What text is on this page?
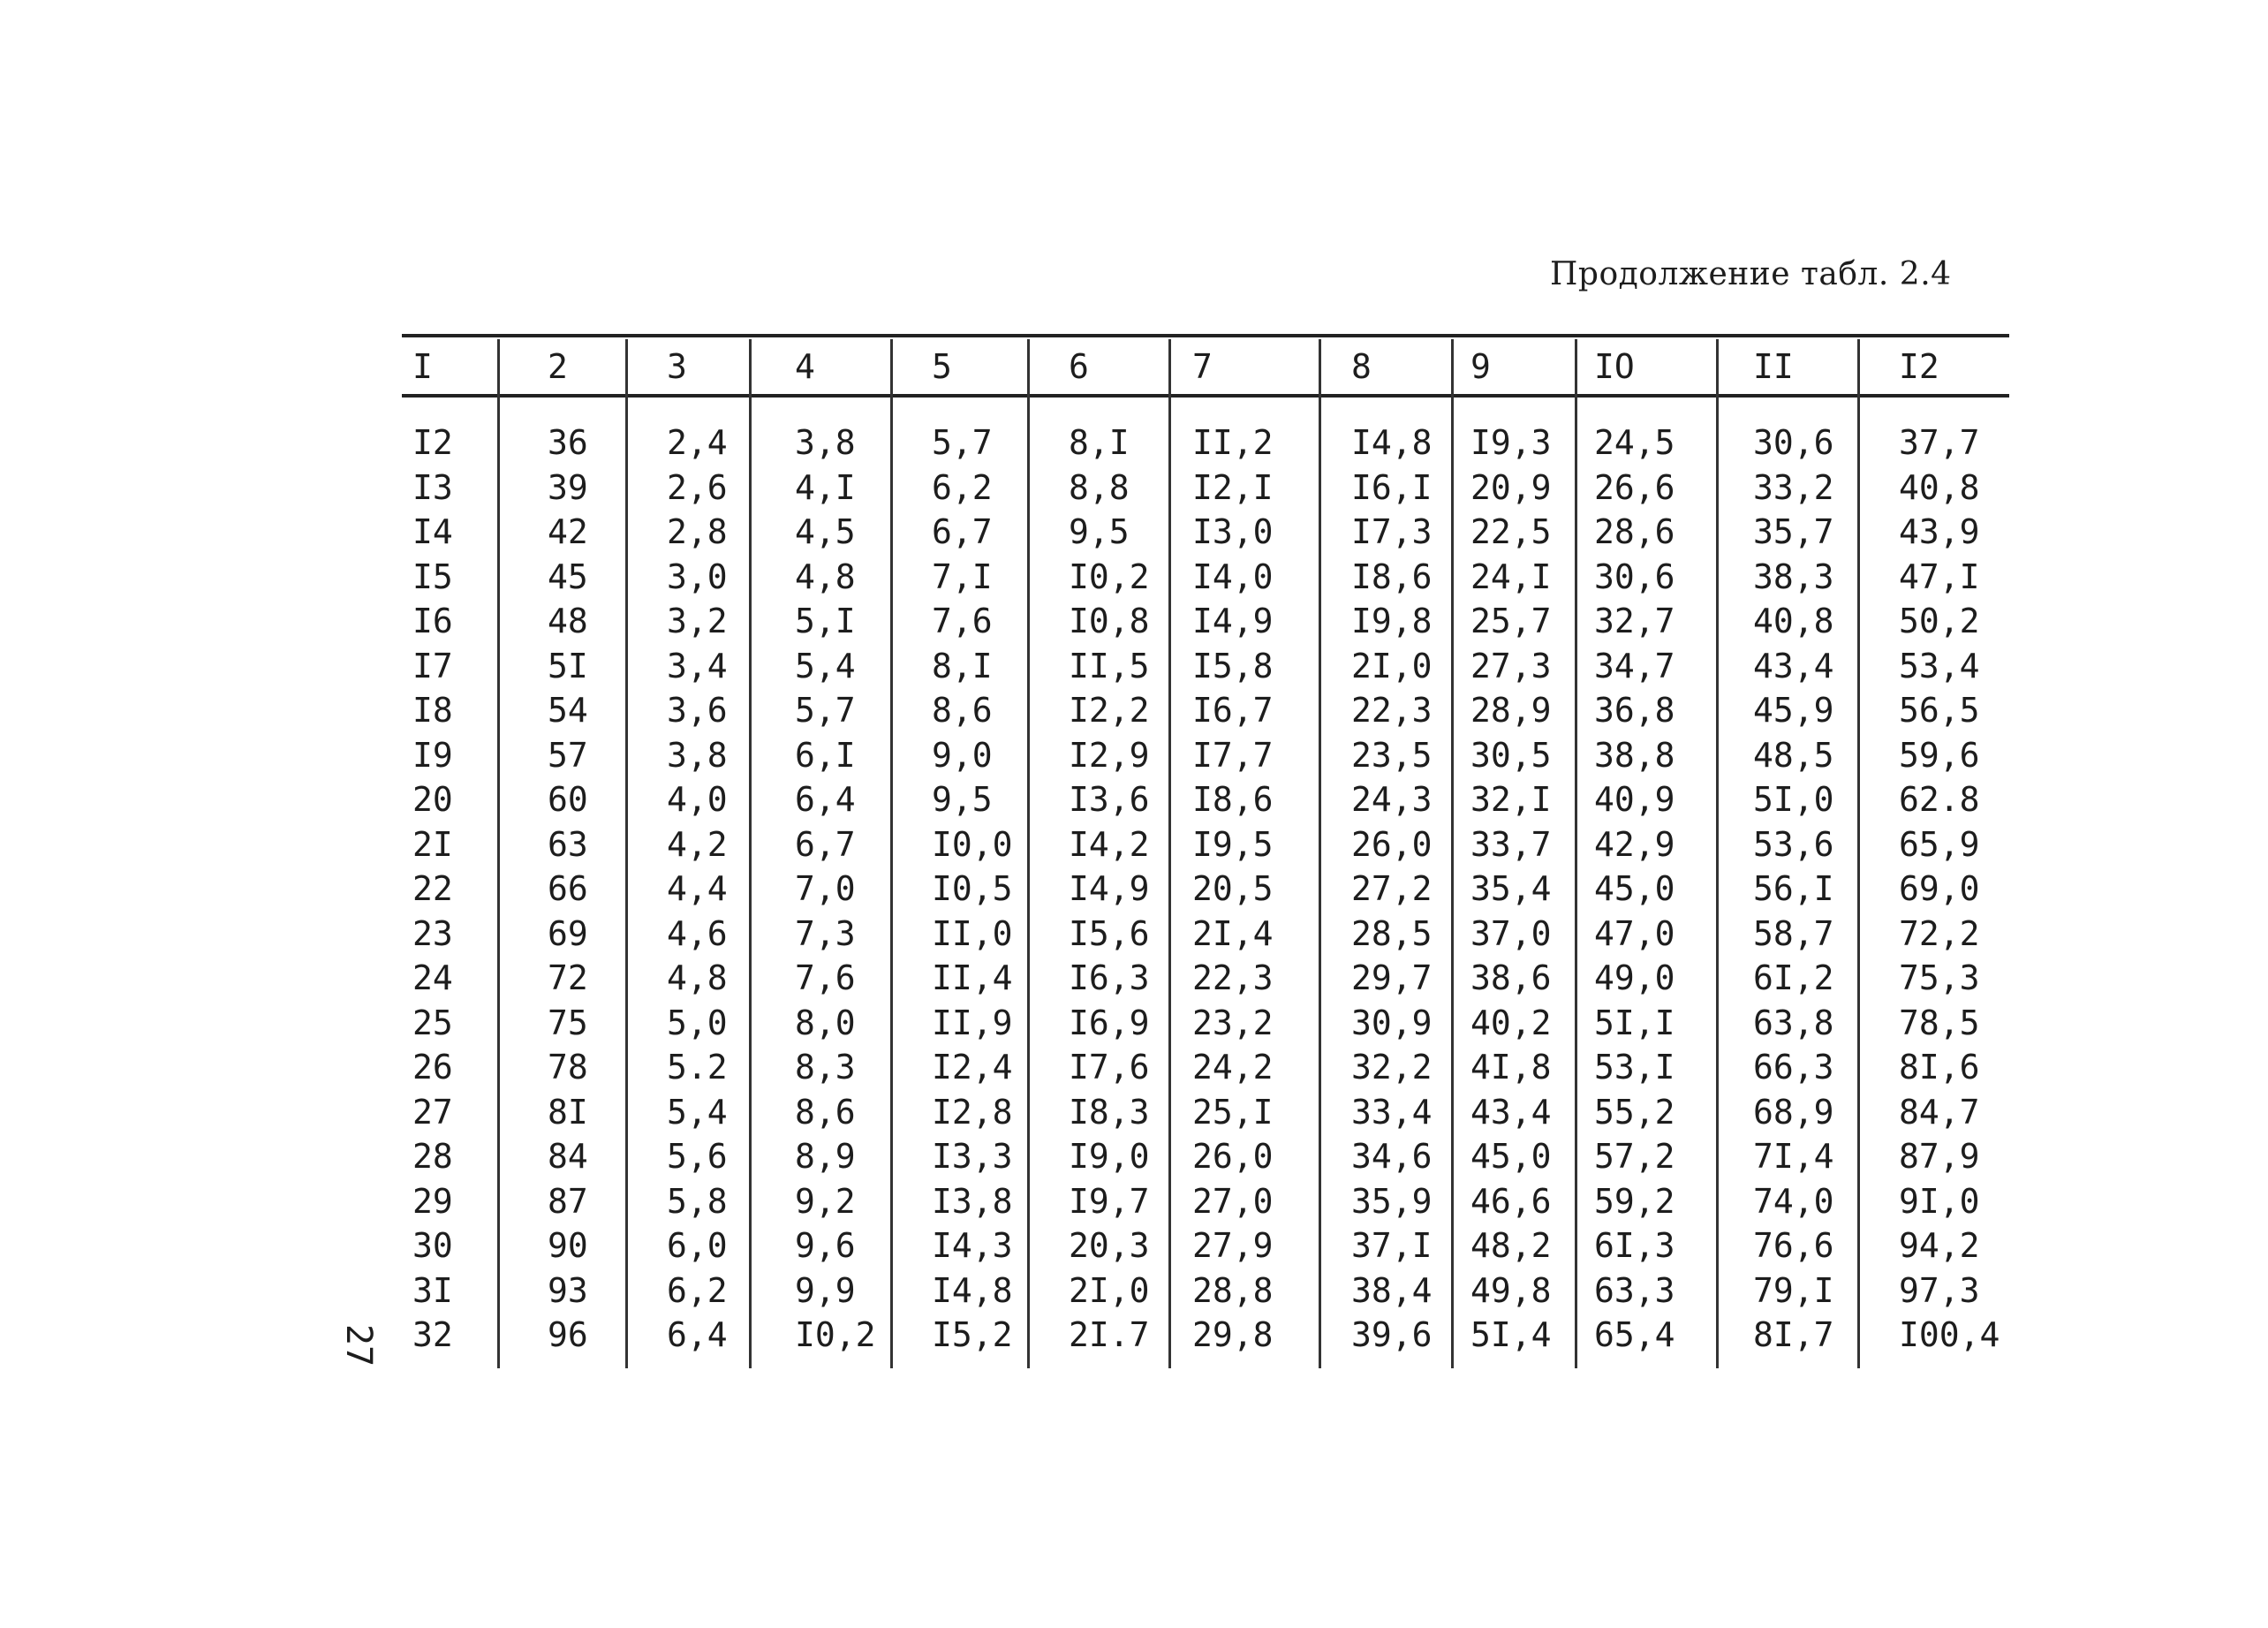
Продолжение табл. 2.4
27
I	2	3	4	5	6	7	8	9	IO	II	I2
I2	36 2,4 3,8 5,7 8,I II,2 I4,8 I9,3 24,5 30,6 37,7
I3	39 2,6 4,I 6,2 8,8 I2,I I6,I 20,9 26,6 33,2 40,8
I4	42 2,8 4,5 6,7 9,5 I3,0 I7,3 22,5 28,6 35,7 43,9
I5	45 3,0 4,8 7,I I0,2 I4,0 I8,6 24,I 30,6 38,3 47,I
I6	48 3,2 5,I 7,6 I0,8 I4,9 I9,8 25,7 32,7 40,8 50,2
I7	5I 3,4 5,4 8,I II,5 I5,8 2I,0 27,3 34,7 43,4 53,4
I8	54 3,6 5,7 8,6 I2,2 I6,7 22,3 28,9 36,8 45,9 56,5
I9	57 3,8 6,I 9,0 I2,9 I7,7 23,5 30,5 38,8 48,5 59,6
20	60 4,0 6,4 9,5 I3,6 I8,6 24,3 32,I 40,9 5I,0 62.8
2I	63 4,2 6,7 I0,0 I4,2 I9,5 26,0 33,7 42,9 53,6 65,9
22	66 4,4 7,0 I0,5 I4,9 20,5 27,2 35,4 45,0 56,I 69,0
23	69 4,6 7,3 II,0 I5,6 2I,4 28,5 37,0 47,0 58,7 72,2
24	72 4,8 7,6 II,4 I6,3 22,3 29,7 38,6 49,0 6I,2 75,3
25	75 5,0 8,0 II,9 I6,9 23,2 30,9 40,2 5I,I 63,8 78,5
26	78 5.2 8,3 I2,4 I7,6 24,2 32,2 4I,8 53,I 66,3 8I,6
27	8I 5,4 8,6 I2,8 I8,3 25,I 33,4 43,4 55,2 68,9 84,7
28	84 5,6 8,9 I3,3 I9,0 26,0 34,6 45,0 57,2 7I,4 87,9
29	87 5,8 9,2 I3,8 I9,7 27,0 35,9 46,6 59,2 74,0 9I,0
30	90 6,0 9,6 I4,3 20,3 27,9 37,I 48,2 6I,3 76,6 94,2
3I	93 6,2 9,9 I4,8 2I,0 28,8 38,4 49,8 63,3 79,I 97,3
32	96 6,4 I0,2 I5,2 2I.7 29,8 39,6 5I,4 65,4 8I,7 I00,4
